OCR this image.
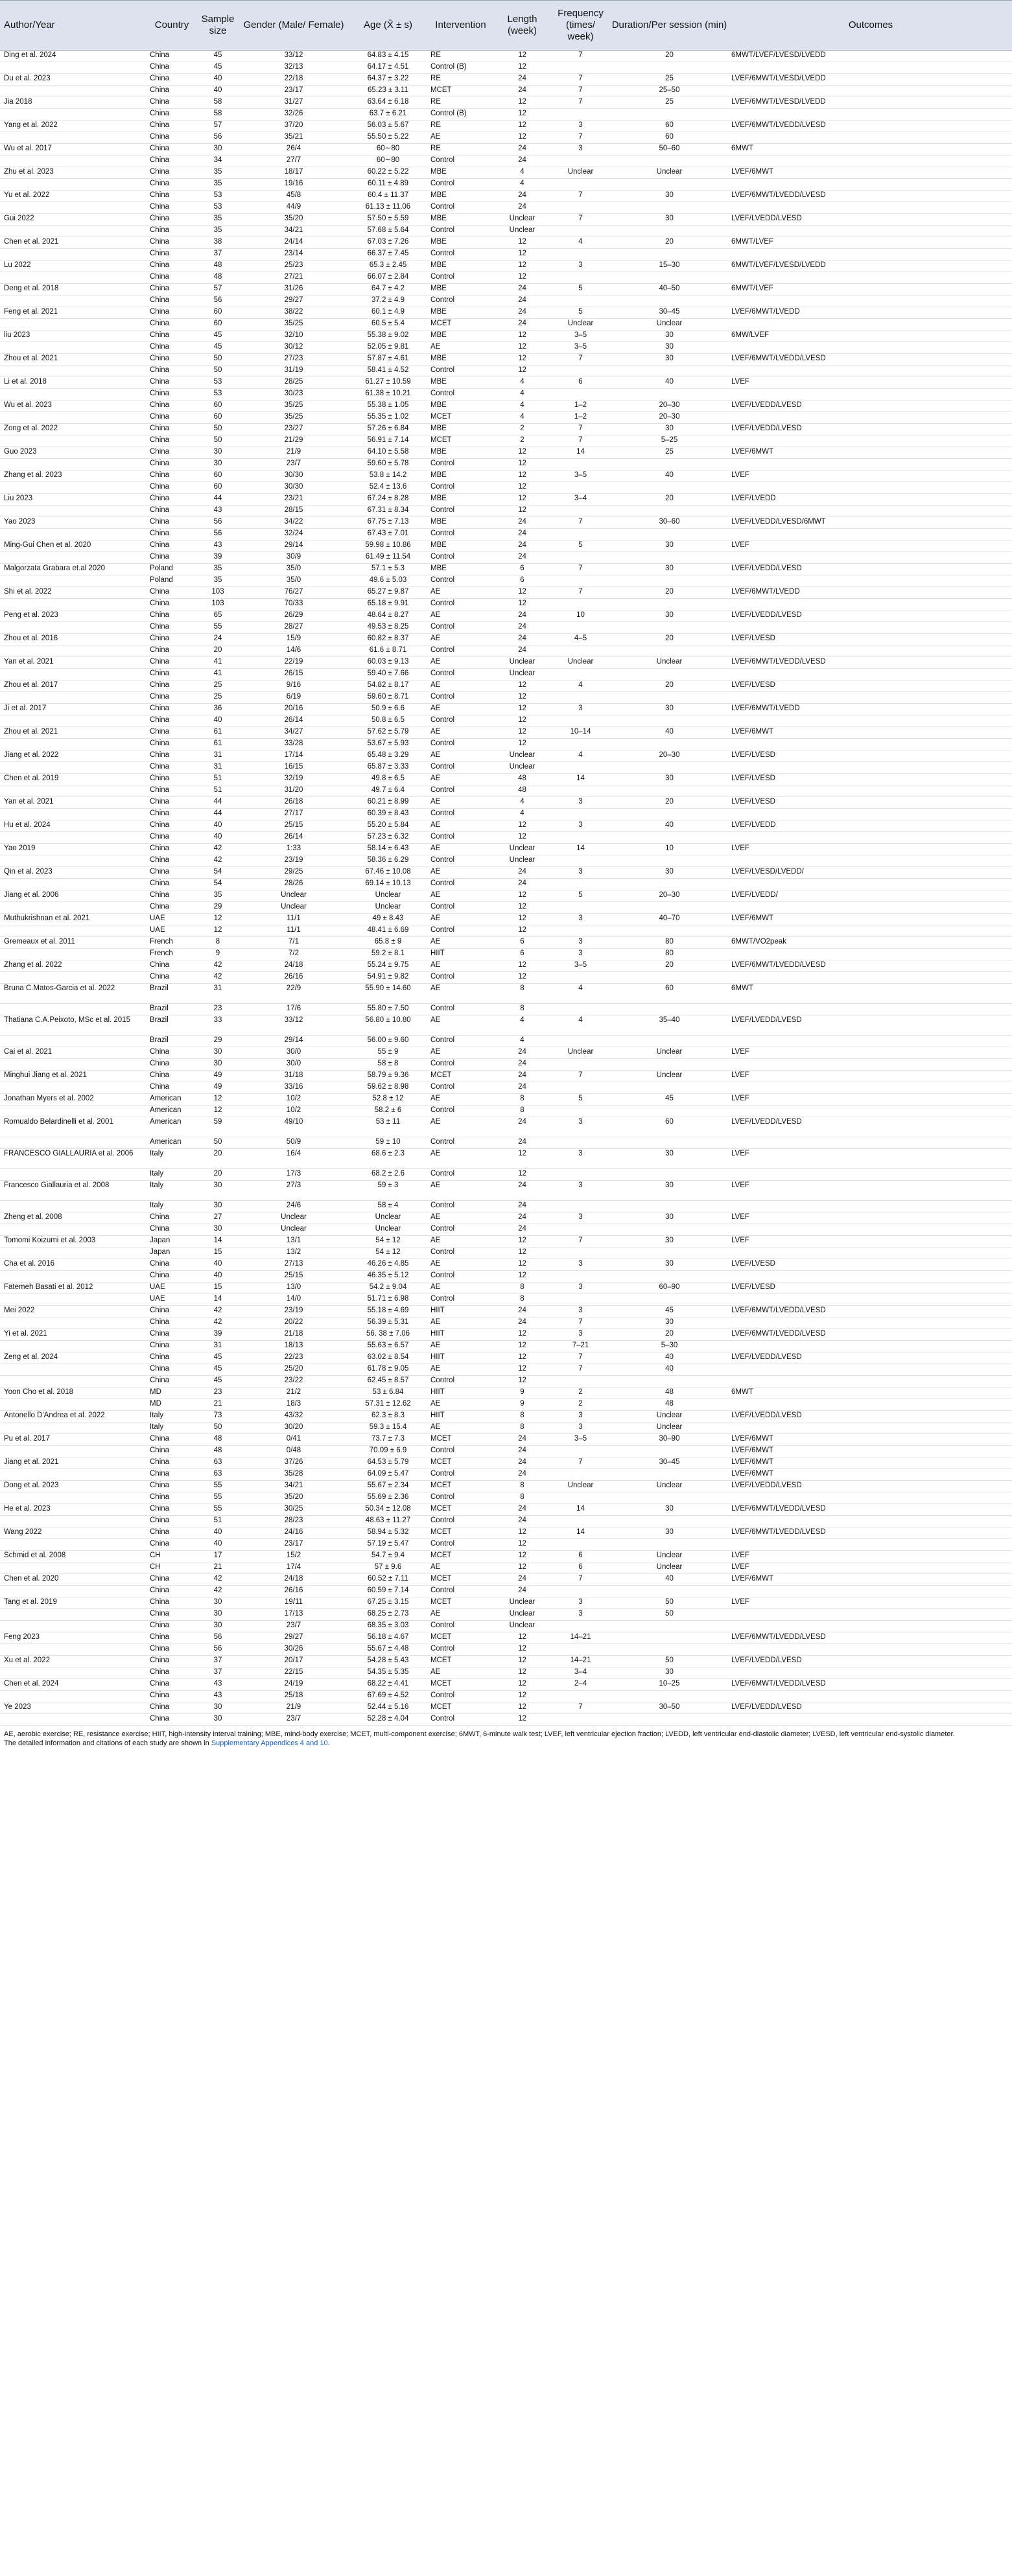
Author/Year	Country	Sample size	Gender (Male/ Female)	Age (X̄ ± s)	Intervention	Length (week)	Frequency (times/ week)	Duration/Per session (min)	Outcomes
Ding et al. 2024	China	45	33/12	64.83 ± 4.15	RE	12	7	20	6MWT/LVEF/LVESD/LVEDD
	China	45	32/13	64.17 ± 4.51	Control (B)	12			
Du et al. 2023	China	40	22/18	64.37 ± 3.22	RE	24	7	25	LVEF/6MWT/LVESD/LVEDD
	China	40	23/17	65.23 ± 3.11	MCET	24	7	25–50	
Jia 2018	China	58	31/27	63.64 ± 6.18	RE	12	7	25	LVEF/6MWT/LVESD/LVEDD
	China	58	32/26	63.7 ± 6.21	Control (B)	12			
Yang et al. 2022	China	57	37/20	56.03 ± 5.67	RE	12	3	60	LVEF/6MWT/LVEDD/LVESD
	China	56	35/21	55.50 ± 5.22	AE	12	7	60	
Wu et al. 2017	China	30	26/4	60∼80	RE	24	3	50–60	6MWT
	China	34	27/7	60∼80	Control	24			
Zhu et al. 2023	China	35	18/17	60.22 ± 5.22	MBE	4	Unclear	Unclear	LVEF/6MWT
	China	35	19/16	60.11 ± 4.89	Control	4			
Yu et al. 2022	China	53	45/8	60.4 ± 11.37	MBE	24	7	30	LVEF/6MWT/LVEDD/LVESD
	China	53	44/9	61.13 ± 11.06	Control	24			
Gui 2022	China	35	35/20	57.50 ± 5.59	MBE	Unclear	7	30	LVEF/LVEDD/LVESD
	China	35	34/21	57.68 ± 5.64	Control	Unclear			
Chen et al. 2021	China	38	24/14	67.03 ± 7.26	MBE	12	4	20	6MWT/LVEF
	China	37	23/14	66.37 ± 7.45	Control	12			
Lu 2022	China	48	25/23	65.3 ± 2.45	MBE	12	3	15–30	6MWT/LVEF/LVESD/LVEDD
	China	48	27/21	66.07 ± 2.84	Control	12			
Deng et al. 2018	China	57	31/26	64.7 ± 4.2	MBE	24	5	40–50	6MWT/LVEF
	China	56	29/27	37.2 ± 4.9	Control	24			
Feng et al. 2021	China	60	38/22	60.1 ± 4.9	MBE	24	5	30–45	LVEF/6MWT/LVEDD
	China	60	35/25	60.5 ± 5.4	MCET	24	Unclear	Unclear	
liu 2023	China	45	32/10	55.38 ± 9.02	MBE	12	3–5	30	6MW/LVEF
	China	45	30/12	52.05 ± 9.81	AE	12	3–5	30	
Zhou et al. 2021	China	50	27/23	57.87 ± 4.61	MBE	12	7	30	LVEF/6MWT/LVEDD/LVESD
	China	50	31/19	58.41 ± 4.52	Control	12			
Li et al. 2018	China	53	28/25	61.27 ± 10.59	MBE	4	6	40	LVEF
	China	53	30/23	61.38 ± 10.21	Control	4			
Wu et al. 2023	China	60	35/25	55.38 ± 1.05	MBE	4	1–2	20–30	LVEF/LVEDD/LVESD
	China	60	35/25	55.35 ± 1.02	MCET	4	1–2	20–30	
Zong et al. 2022	China	50	23/27	57.26 ± 6.84	MBE	2	7	30	LVEF/LVEDD/LVESD
	China	50	21/29	56.91 ± 7.14	MCET	2	7	5–25	
Guo 2023	China	30	21/9	64.10 ± 5.58	MBE	12	14	25	LVEF/6MWT
	China	30	23/7	59.60 ± 5.78	Control	12			
Zhang et al. 2023	China	60	30/30	53.8 ± 14.2	MBE	12	3–5	40	LVEF
	China	60	30/30	52.4 ± 13.6	Control	12			
Liu 2023	China	44	23/21	67.24 ± 8.28	MBE	12	3–4	20	LVEF/LVEDD
	China	43	28/15	67.31 ± 8.34	Control	12			
Yao 2023	China	56	34/22	67.75 ± 7.13	MBE	24	7	30–60	LVEF/LVEDD/LVESD/6MWT
	China	56	32/24	67.43 ± 7.01	Control	24			
Ming-Gui Chen et al. 2020	China	43	29/14	59.98 ± 10.86	MBE	24	5	30	LVEF
	China	39	30/9	61.49 ± 11.54	Control	24			
Malgorzata Grabara et.al 2020	Poland	35	35/0	57.1 ± 5.3	MBE	6	7	30	LVEF/LVEDD/LVESD
	Poland	35	35/0	49.6 ± 5.03	Control	6			
Shi et al. 2022	China	103	76/27	65.27 ± 9.87	AE	12	7	20	LVEF/6MWT/LVEDD
	China	103	70/33	65.18 ± 9.91	Control	12			
Peng et al. 2023	China	65	26/29	48.64 ± 8.27	AE	24	10	30	LVEF/LVEDD/LVESD
	China	55	28/27	49.53 ± 8.25	Control	24			
Zhou et al. 2016	China	24	15/9	60.82 ± 8.37	AE	24	4–5	20	LVEF/LVESD
	China	20	14/6	61.6 ± 8.71	Control	24			
Yan et al. 2021	China	41	22/19	60.03 ± 9.13	AE	Unclear	Unclear	Unclear	LVEF/6MWT/LVEDD/LVESD
	China	41	26/15	59.40 ± 7.66	Control	Unclear			
Zhou et al. 2017	China	25	9/16	54.82 ± 8.17	AE	12	4	20	LVEF/LVESD
	China	25	6/19	59.60 ± 8.71	Control	12			
Ji et al. 2017	China	36	20/16	50.9 ± 6.6	AE	12	3	30	LVEF/6MWT/LVEDD
	China	40	26/14	50.8 ± 6.5	Control	12			
Zhou et al. 2021	China	61	34/27	57.62 ± 5.79	AE	12	10–14	40	LVEF/6MWT
	China	61	33/28	53.67 ± 5.93	Control	12			
Jiang et al. 2022	China	31	17/14	65.48 ± 3.29	AE	Unclear	4	20–30	LVEF/LVESD
	China	31	16/15	65.87 ± 3.33	Control	Unclear			
Chen et al. 2019	China	51	32/19	49.8 ± 6.5	AE	48	14	30	LVEF/LVESD
	China	51	31/20	49.7 ± 6.4	Control	48			
Yan et al. 2021	China	44	26/18	60.21 ± 8.99	AE	4	3	20	LVEF/LVESD
	China	44	27/17	60.39 ± 8.43	Control	4			
Hu et al. 2024	China	40	25/15	55.20 ± 5.84	AE	12	3	40	LVEF/LVEDD
	China	40	26/14	57.23 ± 6.32	Control	12			
Yao 2019	China	42	1:33	58.14 ± 6.43	AE	Unclear	14	10	LVEF
	China	42	23/19	58.36 ± 6.29	Control	Unclear			
Qin et al. 2023	China	54	29/25	67.46 ± 10.08	AE	24	3	30	LVEF/LVESD/LVEDD/
	China	54	28/26	69.14 ± 10.13	Control	24			
Jiang et al. 2006	China	35	Unclear	Unclear	AE	12	5	20–30	LVEF/LVEDD/
	China	29	Unclear	Unclear	Control	12			
Muthukrishnan et al. 2021	UAE	12	11/1	49 ± 8.43	AE	12	3	40–70	LVEF/6MWT
	UAE	12	11/1	48.41 ± 6.69	Control	12			
Gremeaux et al. 2011	French	8	7/1	65.8 ± 9	AE	6	3	80	6MWT/VO2peak
	French	9	7/2	59.2 ± 8.1	HIIT	6	3	80	
Zhang et al. 2022	China	42	24/18	55.24 ± 9.75	AE	12	3–5	20	LVEF/6MWT/LVEDD/LVESD
	China	42	26/16	54.91 ± 9.82	Control	12			
Bruna C.Matos-Garcia et al. 2022	Brazil	31	22/9	55.90 ± 14.60	AE	8	4	60	6MWT
	Brazil	23	17/6	55.80 ± 7.50	Control	8			
Thatiana C.A.Peixoto, MSc et al. 2015	Brazil	33	33/12	56.80 ± 10.80	AE	4	4	35–40	LVEF/LVEDD/LVESD
	Brazil	29	29/14	56.00 ± 9.60	Control	4			
Cai et al. 2021	China	30	30/0	55 ± 9	AE	24	Unclear	Unclear	LVEF
	China	30	30/0	58 ± 8	Control	24			
Minghui Jiang et al. 2021	China	49	31/18	58.79 ± 9.36	MCET	24	7	Unclear	LVEF
	China	49	33/16	59.62 ± 8.98	Control	24			
Jonathan Myers et al. 2002	American	12	10/2	52.8 ± 12	AE	8	5	45	LVEF
	American	12	10/2	58.2 ± 6	Control	8			
Romualdo Belardinelli et al. 2001	American	59	49/10	53 ± 11	AE	24	3	60	LVEF/LVEDD/LVESD
	American	50	50/9	59 ± 10	Control	24			
FRANCESCO GIALLAURIA et al. 2006	Italy	20	16/4	68.6 ± 2.3	AE	12	3	30	LVEF
	Italy	20	17/3	68.2 ± 2.6	Control	12			
Francesco Giallauria et al. 2008	Italy	30	27/3	59 ± 3	AE	24	3	30	LVEF
	Italy	30	24/6	58 ± 4	Control	24			
Zheng et al. 2008	China	27	Unclear	Unclear	AE	24	3	30	LVEF
	China	30	Unclear	Unclear	Control	24			
Tomomi Koizumi et al. 2003	Japan	14	13/1	54 ± 12	AE	12	7	30	LVEF
	Japan	15	13/2	54 ± 12	Control	12			
Cha et al. 2016	China	40	27/13	46.26 ± 4.85	AE	12	3	30	LVEF/LVESD
	China	40	25/15	46.35 ± 5.12	Control	12			
Fatemeh Basati et al. 2012	UAE	15	13/0	54.2 ± 9.04	AE	8	3	60–90	LVEF/LVESD
	UAE	14	14/0	51.71 ± 6.98	Control	8			
Mei 2022	China	42	23/19	55.18 ± 4.69	HIIT	24	3	45	LVEF/6MWT/LVEDD/LVESD
	China	42	20/22	56.39 ± 5.31	AE	24	7	30	
Yi et al. 2021	China	39	21/18	56. 38 ± 7.06	HIIT	12	3	20	LVEF/6MWT/LVEDD/LVESD
	China	31	18/13	55.63 ± 6.57	AE	12	7–21	5–30	
Zeng et al. 2024	China	45	22/23	63.02 ± 8.54	HIIT	12	7	40	LVEF/LVEDD/LVESD
	China	45	25/20	61.78 ± 9.05	AE	12	7	40	
	China	45	23/22	62.45 ± 8.57	Control	12			
Yoon Cho et al. 2018	MD	23	21/2	53 ± 6.84	HIIT	9	2	48	6MWT
	MD	21	18/3	57.31 ± 12.62	AE	9	2	48	
Antonello D'Andrea et al. 2022	Italy	73	43/32	62.3 ± 8.3	HIIT	8	3	Unclear	LVEF/LVEDD/LVESD
	Italy	50	30/20	59.3 ± 15.4	AE	8	3	Unclear	
Pu et al. 2017	China	48	0/41	73.7 ± 7.3	MCET	24	3–5	30–90	LVEF/6MWT
	China	48	0/48	70.09 ± 6.9	Control	24			LVEF/6MWT
Jiang et al. 2021	China	63	37/26	64.53 ± 5.79	MCET	24	7	30–45	LVEF/6MWT
	China	63	35/28	64.09 ± 5.47	Control	24			LVEF/6MWT
Dong et al. 2023	China	55	34/21	55.67 ± 2.34	MCET	8	Unclear	Unclear	LVEF/LVEDD/LVESD
	China	55	35/20	55.69 ± 2.36	Control	8			
He et al. 2023	China	55	30/25	50.34 ± 12.08	MCET	24	14	30	LVEF/6MWT/LVEDD/LVESD
	China	51	28/23	48.63 ± 11.27	Control	24			
Wang 2022	China	40	24/16	58.94 ± 5.32	MCET	12	14	30	LVEF/6MWT/LVEDD/LVESD
	China	40	23/17	57.19 ± 5.47	Control	12			
Schmid et al. 2008	CH	17	15/2	54.7 ± 9.4	MCET	12	6	Unclear	LVEF
	CH	21	17/4	57 ± 9.6	AE	12	6	Unclear	LVEF
Chen et al. 2020	China	42	24/18	60.52 ± 7.11	MCET	24	7	40	LVEF/6MWT
	China	42	26/16	60.59 ± 7.14	Control	24			
Tang et al. 2019	China	30	19/11	67.25 ± 3.15	MCET	Unclear	3	50	LVEF
	China	30	17/13	68.25 ± 2.73	AE	Unclear	3	50	
	China	30	23/7	68.35 ± 3.03	Control	Unclear			
Feng 2023	China	56	29/27	56.18 ± 4.67	MCET	12	14–21		LVEF/6MWT/LVEDD/LVESD
	China	56	30/26	55.67 ± 4.48	Control	12			
Xu et al. 2022	China	37	20/17	54.28 ± 5.43	MCET	12	14–21	50	LVEF/LVEDD/LVESD
	China	37	22/15	54.35 ± 5.35	AE	12	3–4	30	
Chen et al. 2024	China	43	24/19	68.22 ± 4.41	MCET	12	2–4	10–25	LVEF/6MWT/LVEDD/LVESD
	China	43	25/18	67.69 ± 4.52	Control	12			
Ye 2023	China	30	21/9	52.44 ± 5.16	MCET	12	7	30–50	LVEF/LVEDD/LVESD
	China	30	23/7	52.28 ± 4.04	Control	12			
AE, aerobic exercise; RE, resistance exercise; HIIT, high-intensity interval training; MBE, mind-body exercise; MCET, multi-component exercise; 6MWT, 6-minute walk test; LVEF, left ventricular ejection fraction; LVEDD, left ventricular end-diastolic diameter; LVESD, left ventricular end-systolic diameter.
The detailed information and citations of each study are shown in Supplementary Appendices 4 and 10.
